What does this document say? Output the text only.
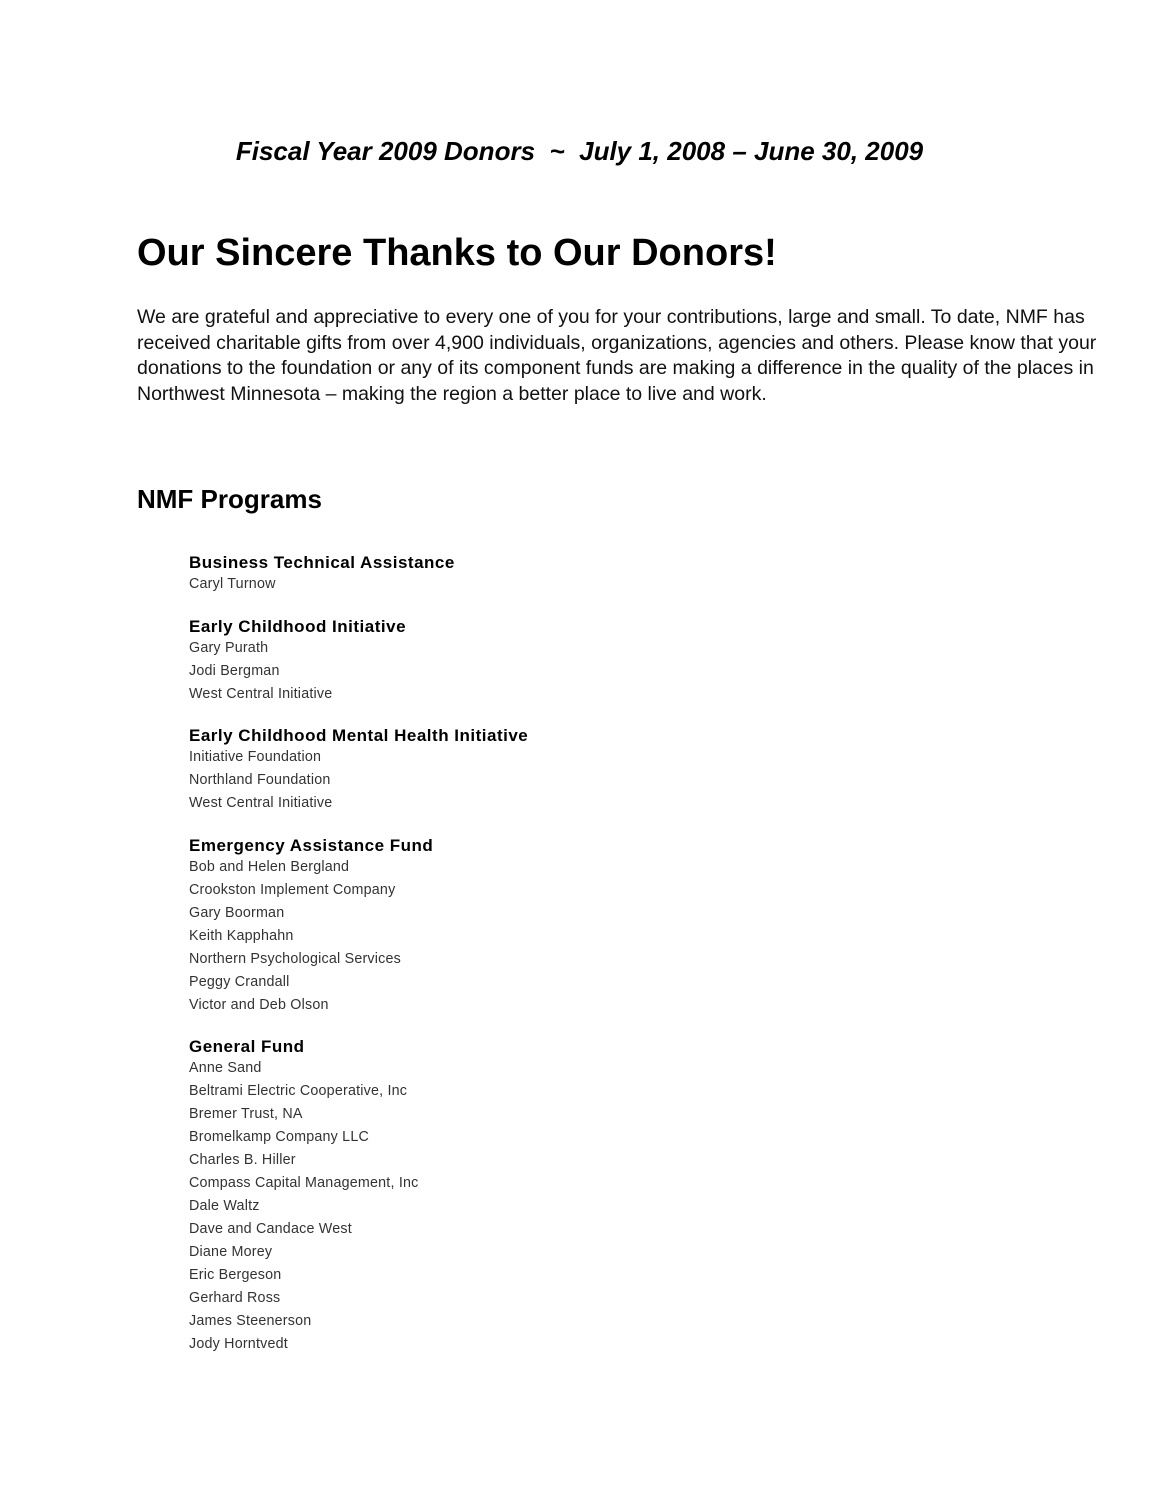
Fiscal Year 2009 Donors  ~  July 1, 2008 – June 30, 2009
Our Sincere Thanks to Our Donors!

We are grateful and appreciative to every one of you for your contributions, large and small. To date, NMF has received charitable gifts from over 4,900 individuals, organizations, agencies and others. Please know that your donations to the foundation or any of its component funds are making a difference in the quality of the places in Northwest Minnesota – making the region a better place to live and work.

NMF Programs
Business Technical Assistance
Caryl Turnow
Early Childhood Initiative
Gary Purath
Jodi Bergman
West Central Initiative
Early Childhood Mental Health Initiative
Initiative Foundation
Northland Foundation
West Central Initiative
Emergency Assistance Fund
Bob and Helen Bergland
Crookston Implement Company
Gary Boorman
Keith Kapphahn
Northern Psychological Services
Peggy Crandall
Victor and Deb Olson
General Fund
Anne Sand
Beltrami Electric Cooperative, Inc
Bremer Trust, NA
Bromelkamp Company LLC
Charles B. Hiller
Compass Capital Management, Inc
Dale Waltz
Dave and Candace West
Diane Morey
Eric Bergeson
Gerhard Ross
James Steenerson
Jody Horntvedt
